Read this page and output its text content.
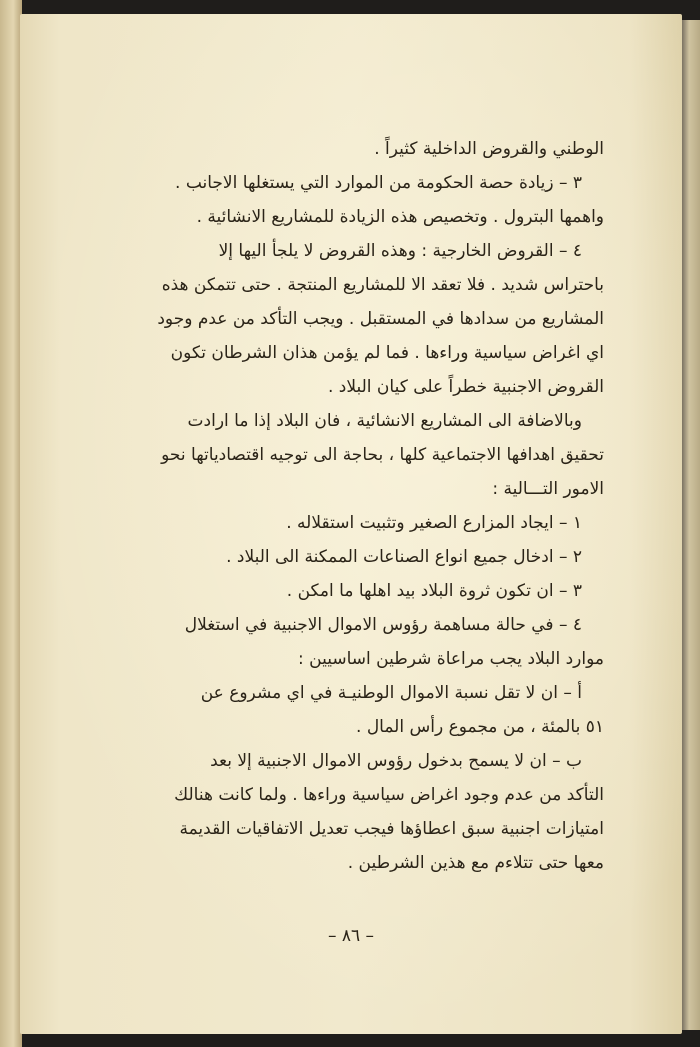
الوطني والقروض الداخلية كثيراً .
٣ – زيادة حصة الحكومة من الموارد التي يستغلها الاجانب .
واهمها البترول . وتخصيص هذه الزيادة للمشاريع الانشائية .
٤ – القروض الخارجية : وهذه القروض لا يلجأ اليها إلا
باحتراس شديد . فلا تعقد الا للمشاريع المنتجة . حتى تتمكن هذه
المشاريع من سدادها في المستقبل . ويجب التأكد من عدم وجود
اي اغراض سياسية وراءها . فما لم يؤمن هذان الشرطان تكون
القروض الاجنبية خطراً على كيان البلاد .
وبالاضافة الى المشاريع الانشائية ، فان البلاد إذا ما ارادت
تحقيق اهدافها الاجتماعية كلها ، بحاجة الى توجيه اقتصادياتها نحو
الامور التـــالية :
١ – ايجاد المزارع الصغير وتثبيت استقلاله .
٢ – ادخال جميع انواع الصناعات الممكنة الى البلاد .
٣ – ان تكون ثروة البلاد بيد اهلها ما امكن .
٤ – في حالة مساهمة رؤوس الاموال الاجنبية في استغلال
موارد البلاد يجب مراعاة شرطين اساسيين :
أ – ان لا تقل نسبة الاموال الوطنيـة في اي مشروع عن
٥١ بالمئة ، من مجموع رأس المال .
ب – ان لا يسمح بدخول رؤوس الاموال الاجنبية إلا بعد
التأكد من عدم وجود اغراض سياسية وراءها . ولما كانت هنالك
امتيازات اجنبية سبق اعطاؤها فيجب تعديل الاتفاقيات القديمة
معها حتى تتلاءم مع هذين الشرطين .
– ٨٦ –
